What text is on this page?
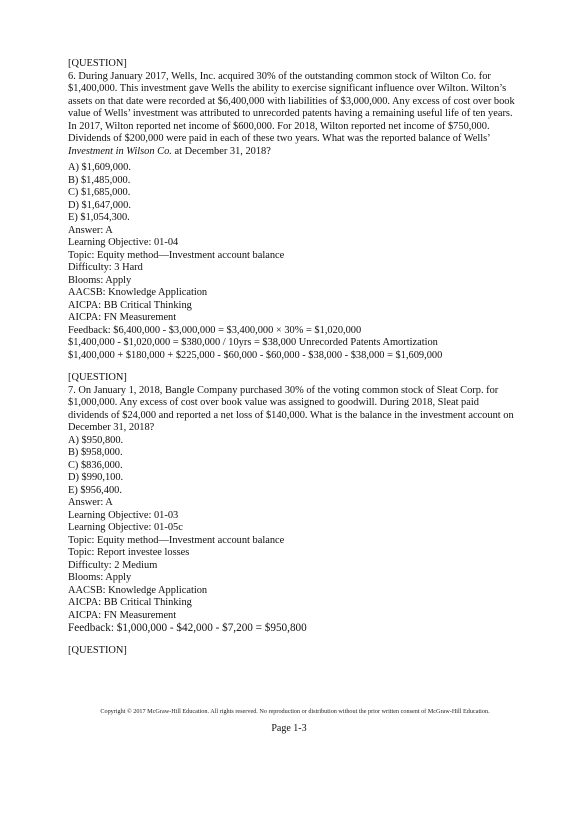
[QUESTION]

6. During January 2017, Wells, Inc. acquired 30% of the outstanding common stock of Wilton Co. for $1,400,000. This investment gave Wells the ability to exercise significant influence over Wilton. Wilton’s assets on that date were recorded at $6,400,000 with liabilities of $3,000,000. Any excess of cost over book value of Wells’ investment was attributed to unrecorded patents having a remaining useful life of ten years.

In 2017, Wilton reported net income of $600,000. For 2018, Wilton reported net income of $750,000. Dividends of $200,000 were paid in each of these two years. What was the reported balance of Wells’ Investment in Wilson Co. at December 31, 2018?

A) $1,609,000.

B) $1,485,000.

C) $1,685,000.

D) $1,647,000.

E) $1,054,300.

Answer: A

Learning Objective: 01-04

Topic: Equity method—Investment account balance

Difficulty: 3 Hard

Blooms: Apply

AACSB: Knowledge Application

AICPA: BB Critical Thinking

AICPA: FN Measurement

Feedback: $6,400,000 - $3,000,000 = $3,400,000 × 30% = $1,020,000

$1,400,000 - $1,020,000 = $380,000 / 10yrs = $38,000 Unrecorded Patents Amortization

$1,400,000 + $180,000 + $225,000 - $60,000 - $60,000 - $38,000 - $38,000 = $1,609,000

[QUESTION]

7. On January 1, 2018, Bangle Company purchased 30% of the voting common stock of Sleat Corp. for $1,000,000. Any excess of cost over book value was assigned to goodwill. During 2018, Sleat paid dividends of $24,000 and reported a net loss of $140,000. What is the balance in the investment account on December 31, 2018?

A) $950,800.

B) $958,000.

C) $836,000.

D) $990,100.

E) $956,400.

Answer: A

Learning Objective: 01-03

Learning Objective: 01-05c

Topic: Equity method—Investment account balance

Topic: Report investee losses

Difficulty: 2 Medium

Blooms: Apply

AACSB: Knowledge Application

AICPA: BB Critical Thinking

AICPA: FN Measurement

Feedback: $1,000,000 - $42,000 - $7,200 = $950,800

[QUESTION]

Copyright © 2017 McGraw-Hill Education. All rights reserved. No reproduction or distribution without the prior written consent of McGraw-Hill Education.
Page 1-3
